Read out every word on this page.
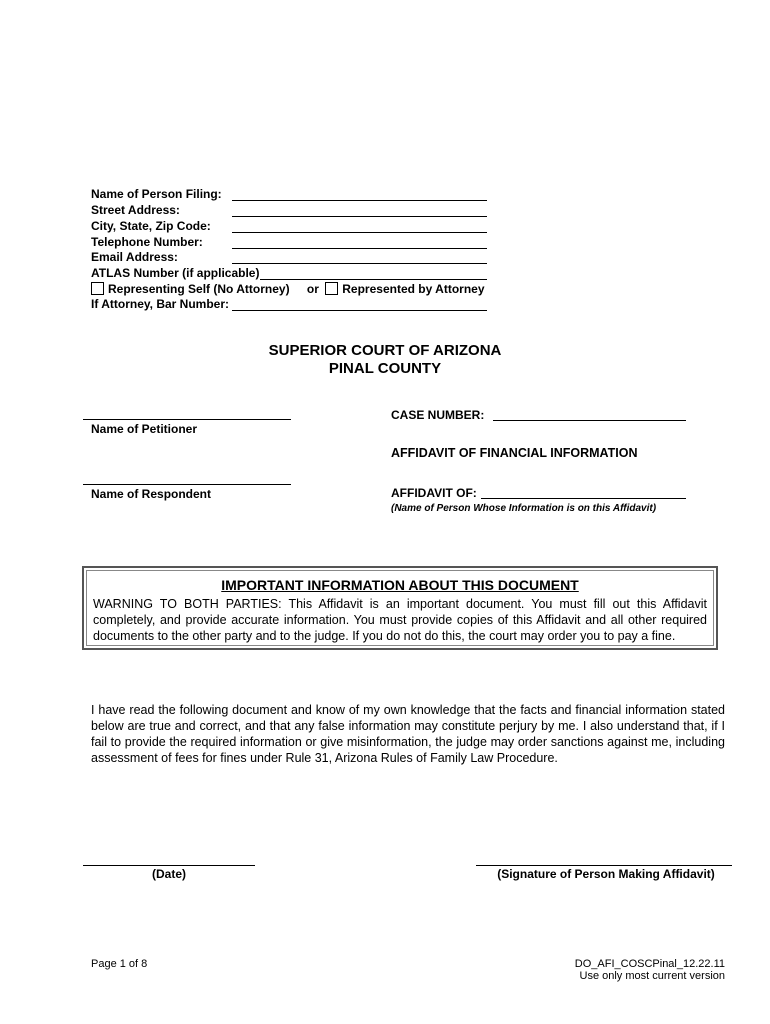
Name of Person Filing:
Street Address:
City, State, Zip Code:
Telephone Number:
Email Address:
ATLAS Number (if applicable)
Representing Self (No Attorney) or Represented by Attorney
If Attorney, Bar Number:
SUPERIOR COURT OF ARIZONA
PINAL COUNTY
Name of Petitioner
CASE NUMBER:
AFFIDAVIT OF FINANCIAL INFORMATION
Name of Respondent	AFFIDAVIT OF:
(Name of Person Whose Information is on this Affidavit)
IMPORTANT INFORMATION ABOUT THIS DOCUMENT
WARNING TO BOTH PARTIES: This Affidavit is an important document. You must fill out this Affidavit completely, and provide accurate information. You must provide copies of this Affidavit and all other required documents to the other party and to the judge. If you do not do this, the court may order you to pay a fine.
I have read the following document and know of my own knowledge that the facts and financial information stated below are true and correct, and that any false information may constitute perjury by me. I also understand that, if I fail to provide the required information or give misinformation, the judge may order sanctions against me, including assessment of fees for fines under Rule 31, Arizona Rules of Family Law Procedure.
(Date)	(Signature of Person Making Affidavit)
Page 1 of 8	DO_AFI_COSCPinal_12.22.11
Use only most current version
